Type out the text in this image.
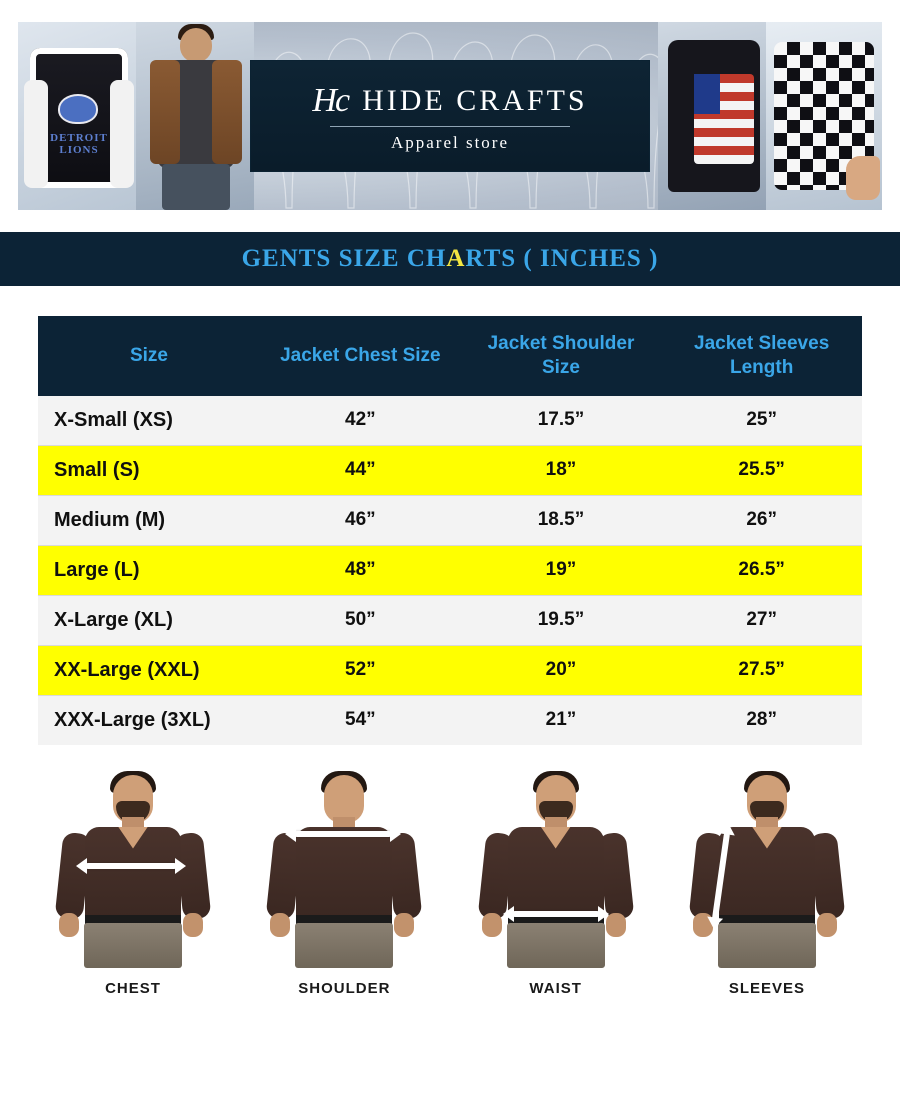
DETROIT LIONS
Hc HIDE CRAFTS
Apparel store
GENTS SIZE CHARTS ( INCHES )
Size	Jacket Chest Size	Jacket Shoulder Size	Jacket Sleeves Length
X-Small (XS)	42”	17.5”	25”
Small (S)	44”	18”	25.5”
Medium (M)	46”	18.5”	26”
Large (L)	48”	19”	26.5”
X-Large (XL)	50”	19.5”	27”
XX-Large (XXL)	52”	20”	27.5”
XXX-Large (3XL)	54”	21”	28”
CHEST	SHOULDER	WAIST	SLEEVES
